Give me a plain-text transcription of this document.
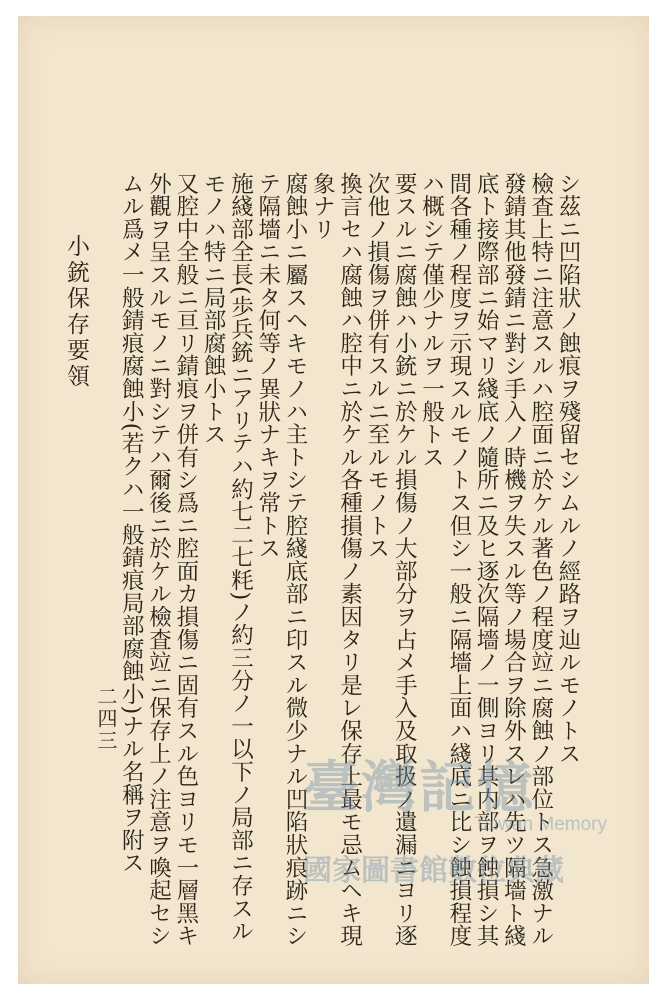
シ茲ニ凹陷狀ノ蝕痕ヲ殘留セシムルノ經路ヲ辿ルモノトス
檢査上特ニ注意スルハ腔面ニ於ケル著色ノ程度竝ニ腐蝕ノ部位トス急激ナル
發錆其他發錆ニ對シ手入ノ時機ヲ失スル等ノ場合ヲ除外スレハ先ツ隔墻ト綫
底ト接際部ニ始マリ綫底ノ隨所ニ及ヒ逐次隔墻ノ一側ヨリ其内部ヲ蝕損シ其
間各種ノ程度ヲ示現スルモノトス但シ一般ニ隔墻上面ハ綫底ニ比シ蝕損程度
ハ概シテ僅少ナルヲ一般トス
要スルニ腐蝕ハ小銃ニ於ケル損傷ノ大部分ヲ占メ手入及取扱ノ遺漏ニヨリ逐
次他ノ損傷ヲ併有スルニ至ルモノトス
換言セハ腐蝕ハ腔中ニ於ケル各種損傷ノ素因タリ是レ保存上最モ忌ムヘキ現
象ナリ
腐蝕小ニ屬スヘキモノハ主トシテ腔綫底部ニ印スル微少ナル凹陷狀痕跡ニシ
テ隔墻ニ未タ何等ノ異狀ナキヲ常トス
施綫部全長(歩兵銃ニアリテハ約七二七粍)ノ約三分ノ一以下ノ局部ニ存スル
モノハ特ニ局部腐蝕小トス
又腔中全般ニ亘リ錆痕ヲ併有シ爲ニ腔面カ損傷ニ固有スル色ヨリモ一層黑キ
外觀ヲ呈スルモノニ對シテハ爾後ニ於ケル檢査竝ニ保存上ノ注意ヲ喚起セシ
ムル爲メ一般錆痕腐蝕小(若クハ一般錆痕局部腐蝕小)ナル名稱ヲ附ス
小銃保存要領
二四三
臺灣記憶
Taiwan Memory
國家圖書館數位典藏
